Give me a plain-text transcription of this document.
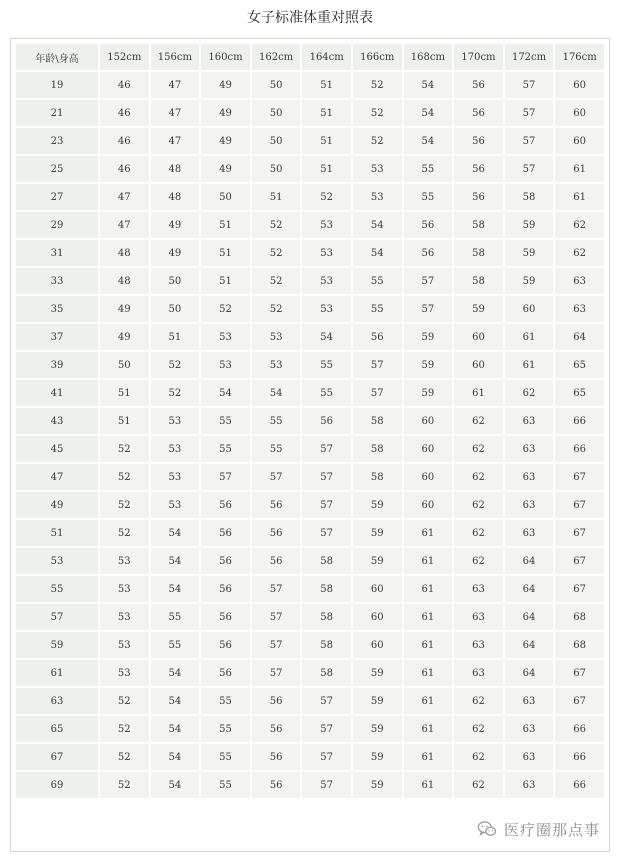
女子标准体重对照表
年龄\身高	152cm	156cm	160cm	162cm	164cm	166cm	168cm	170cm	172cm	176cm
19	46	47	49	50	51	52	54	56	57	60
21	46	47	49	50	51	52	54	56	57	60
23	46	47	49	50	51	52	54	56	57	60
25	46	48	49	50	51	53	55	56	57	61
27	47	48	50	51	52	53	55	56	58	61
29	47	49	51	52	53	54	56	58	59	62
31	48	49	51	52	53	54	56	58	59	62
33	48	50	51	52	53	55	57	58	59	63
35	49	50	52	52	53	55	57	59	60	63
37	49	51	53	53	54	56	59	60	61	64
39	50	52	53	53	55	57	59	60	61	65
41	51	52	54	54	55	57	59	61	62	65
43	51	53	55	55	56	58	60	62	63	66
45	52	53	55	55	57	58	60	62	63	66
47	52	53	57	57	57	58	60	62	63	67
49	52	53	56	56	57	59	60	62	63	67
51	52	54	56	56	57	59	61	62	63	67
53	53	54	56	56	58	59	61	62	64	67
55	53	54	56	57	58	60	61	63	64	67
57	53	55	56	57	58	60	61	63	64	68
59	53	55	56	57	58	60	61	63	64	68
61	53	54	56	57	58	59	61	63	64	67
63	52	54	55	56	57	59	61	62	63	67
65	52	54	55	56	57	59	61	62	63	66
67	52	54	55	56	57	59	61	62	63	66
69	52	54	55	56	57	59	61	62	63	66
医疗圈那点事
